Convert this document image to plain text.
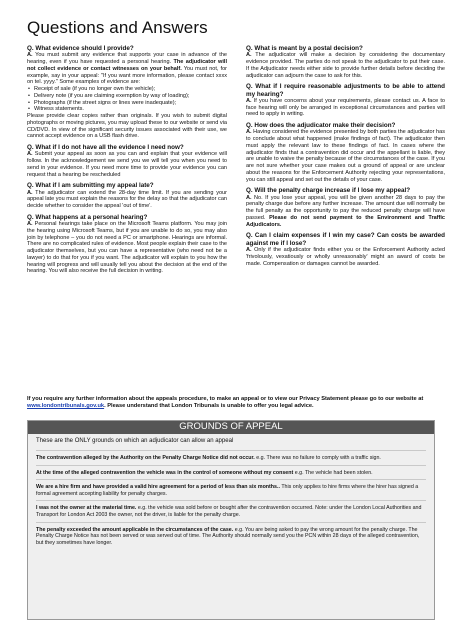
Questions and Answers

Q. What evidence should I provide?

A. You must submit any evidence that supports your case in advance of the hearing, even if you have requested a personal hearing. The adjudicator will not collect evidence or contact witnesses on your behalf. You must not, for example, say in your appeal: "If you want more information, please contact xxxx on tel. yyyy." Some examples of evidence are:

• Receipt of sale (if you no longer own the vehicle);
• Delivery note (if you are claiming exemption by way of loading);
• Photographs (if the street signs or lines were inadequate);
• Witness statements.

Please provide clear copies rather than originals. If you wish to submit digital photographs or moving pictures, you may upload these to our website or send via CD/DVD. In view of the significant security issues associated with their use, we cannot accept evidence on a USB flash drive.

Q. What if I do not have all the evidence I need now?

A. Submit your appeal as soon as you can and explain that your evidence will follow. In the acknowledgement we send you we will tell you when you need to send in your evidence. If you need more time to provide your evidence you can request that a hearing be rescheduled

Q. What if I am submitting my appeal late?

A. The adjudicator can extend the 28-day time limit. If you are sending your appeal late you must explain the reasons for the delay so that the adjudicator can decide whether to consider the appeal 'out of time'.

Q. What happens at a personal hearing?

A. Personal hearings take place on the Microsoft Teams platform. You may join the hearing using Microsoft Teams, but if you are unable to do so, you may also join by telephone – you do not need a PC or smartphone. Hearings are informal. There are no complicated rules of evidence. Most people explain their case to the adjudicator themselves, but you can have a representative (who need not be a lawyer) to do that for you if you want. The adjudicator will explain to you how the hearing will progress and will usually tell you about the decision at the end of the hearing. You will also receive the full decision in writing.

Q. What is meant by a postal decision?

A. The adjudicator will make a decision by considering the documentary evidence provided. The parties do not speak to the adjudicator to put their case. If the Adjudicator needs either side to provide further details before deciding the adjudicator can adjourn the case to ask for this.

Q. What if I require reasonable adjustments to be able to attend my hearing?

A. If you have concerns about your requirements, please contact us. A face to face hearing will only be arranged in exceptional circumstances and parties will need to apply in writing.

Q. How does the adjudicator make their decision?

A. Having considered the evidence presented by both parties the adjudicator has to conclude about what happened (make findings of fact). The adjudicator then must apply the relevant law to these findings of fact. In cases where the adjudicator finds that a contravention did occur and the appellant is liable, they are unable to waive the penalty because of the circumstances of the case. If you are not sure whether your case makes out a ground of appeal or are unclear about the reasons for the Enforcement Authority rejecting your representations, you can still appeal and set out the details of your case.

Q. Will the penalty charge increase if I lose my appeal?

A. No. If you lose your appeal, you will be given another 28 days to pay the penalty charge due before any further increase. The amount due will normally be the full penalty as the opportunity to pay the reduced penalty charge will have passed. Please do not send payment to the Environment and Traffic Adjudicators.

Q. Can I claim expenses if I win my case? Can costs be awarded against me if I lose?

A. Only if the adjudicator finds either you or the Enforcement Authority acted 'frivolously, vexatiously or wholly unreasonably' might an award of costs be made. Compensation or damages cannot be awarded.

If you require any further information about the appeals procedure, to make an appeal or to view our Privacy Statement please go to our website at www.londontribunals.gov.uk. Please understand that London Tribunals is unable to offer you legal advice.
GROUNDS OF APPEAL

These are the ONLY grounds on which an adjudicator can allow an appeal

The contravention alleged by the Authority on the Penalty Charge Notice did not occur. e.g. There was no failure to comply with a traffic sign.

At the time of the alleged contravention the vehicle was in the control of someone without my consent e.g. The vehicle had been stolen.

We are a hire firm and have provided a valid hire agreement for a period of less than six months.. This only applies to hire firms where the hirer has signed a formal agreement accepting liability for penalty charges.

I was not the owner at the material time. e.g. the vehicle was sold before or bought after the contravention occurred. Note: under the London Local Authorities and Transport for London Act 2003 the owner, not the driver, is liable for the penalty charge.

The penalty exceeded the amount applicable in the circumstances of the case. e.g. You are being asked to pay the wrong amount for the penalty charge. The Penalty Charge Notice has not been served or was served out of time. The Authority should normally send you the PCN within 28 days of the alleged contravention, but they sometimes have longer.
